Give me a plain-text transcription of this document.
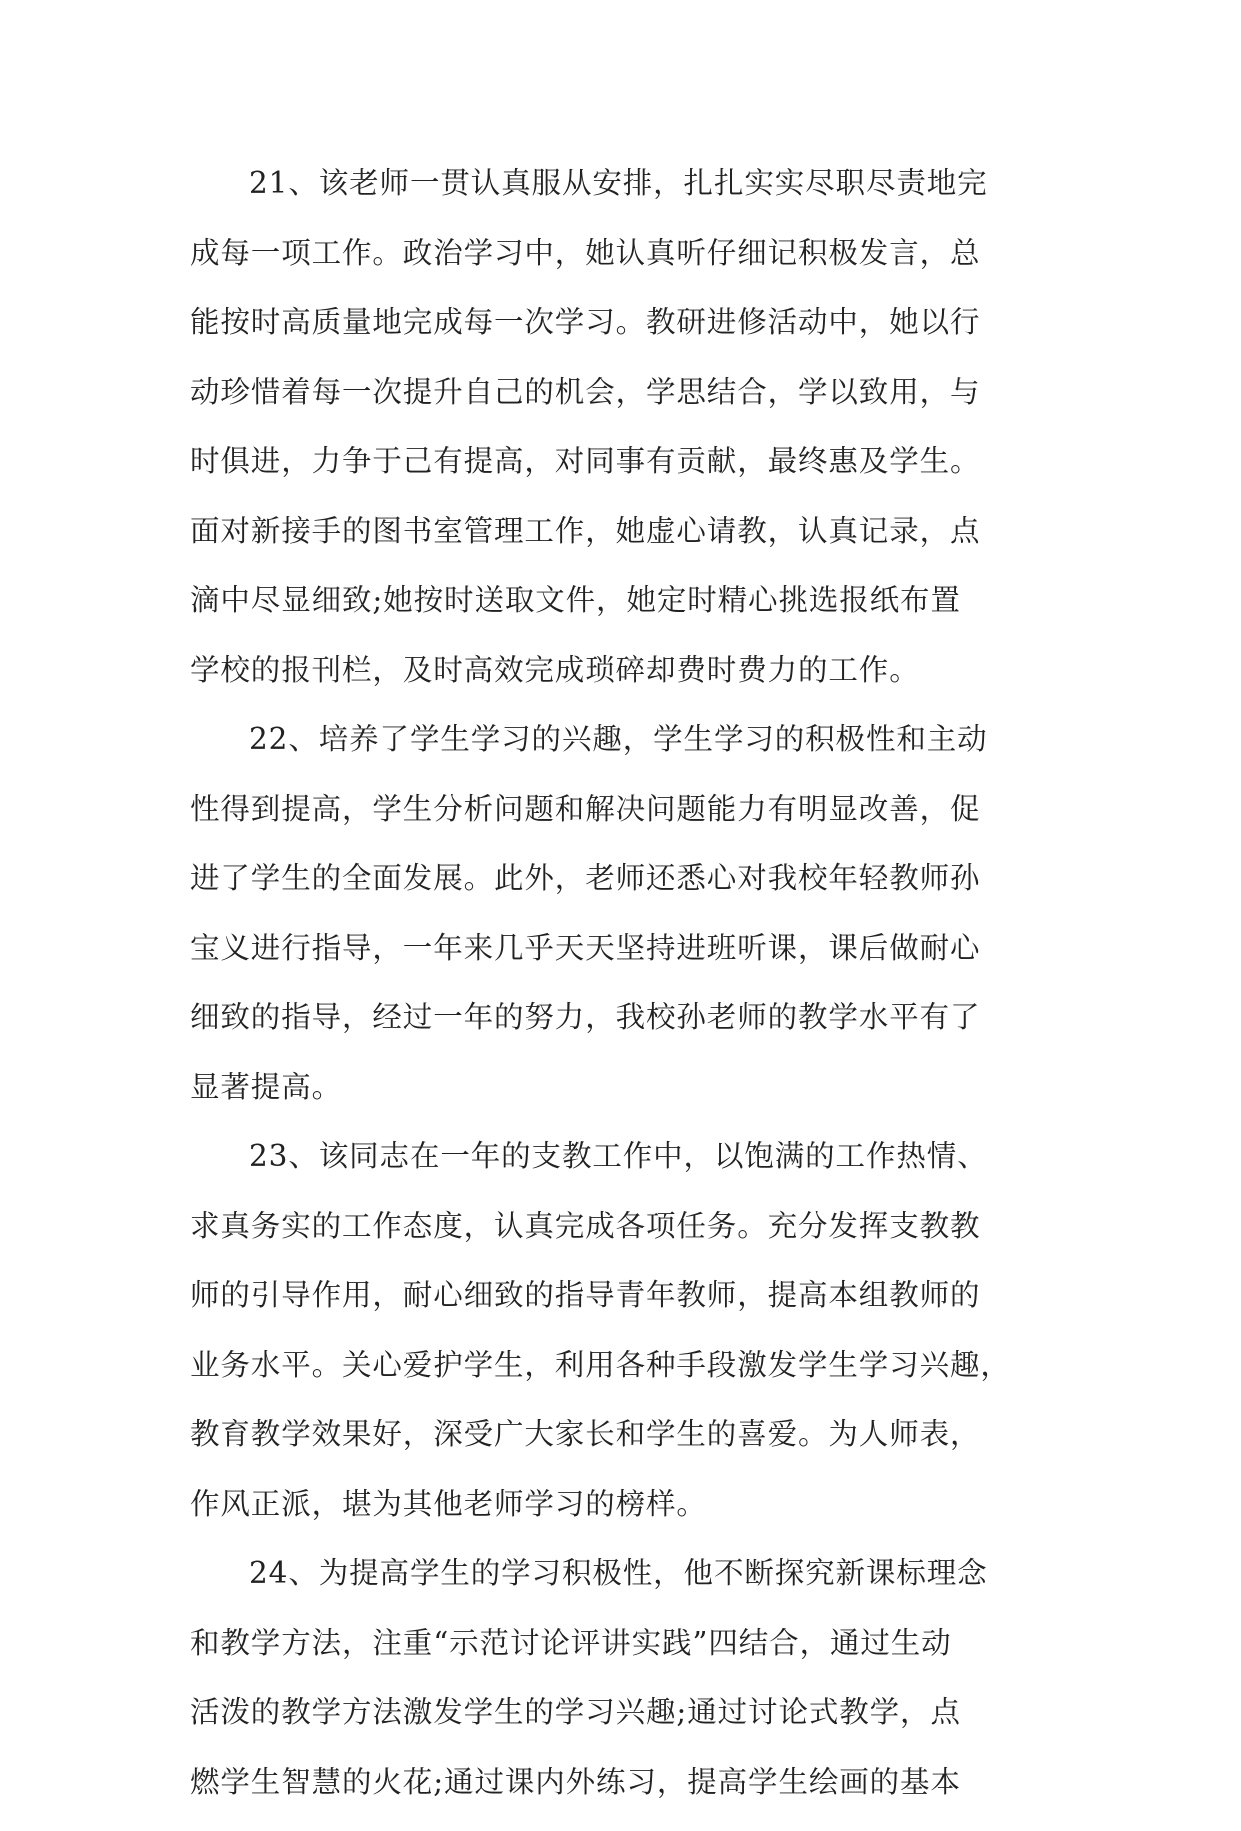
21、该老师一贯认真服从安排，扎扎实实尽职尽责地完
成每一项工作。政治学习中，她认真听仔细记积极发言，总
能按时高质量地完成每一次学习。教研进修活动中，她以行
动珍惜着每一次提升自己的机会，学思结合，学以致用，与
时俱进，力争于己有提高，对同事有贡献，最终惠及学生。
面对新接手的图书室管理工作，她虚心请教，认真记录，点
滴中尽显细致;她按时送取文件，她定时精心挑选报纸布置
学校的报刊栏，及时高效完成琐碎却费时费力的工作。
22、培养了学生学习的兴趣，学生学习的积极性和主动
性得到提高，学生分析问题和解决问题能力有明显改善，促
进了学生的全面发展。此外，老师还悉心对我校年轻教师孙
宝义进行指导，一年来几乎天天坚持进班听课，课后做耐心
细致的指导，经过一年的努力，我校孙老师的教学水平有了
显著提高。
23、该同志在一年的支教工作中，以饱满的工作热情、
求真务实的工作态度，认真完成各项任务。充分发挥支教教
师的引导作用，耐心细致的指导青年教师，提高本组教师的
业务水平。关心爱护学生，利用各种手段激发学生学习兴趣，
教育教学效果好，深受广大家长和学生的喜爱。为人师表，
作风正派，堪为其他老师学习的榜样。
24、为提高学生的学习积极性，他不断探究新课标理念
和教学方法，注重“示范讨论评讲实践”四结合，通过生动
活泼的教学方法激发学生的学习兴趣;通过讨论式教学，点
燃学生智慧的火花;通过课内外练习，提高学生绘画的基本
